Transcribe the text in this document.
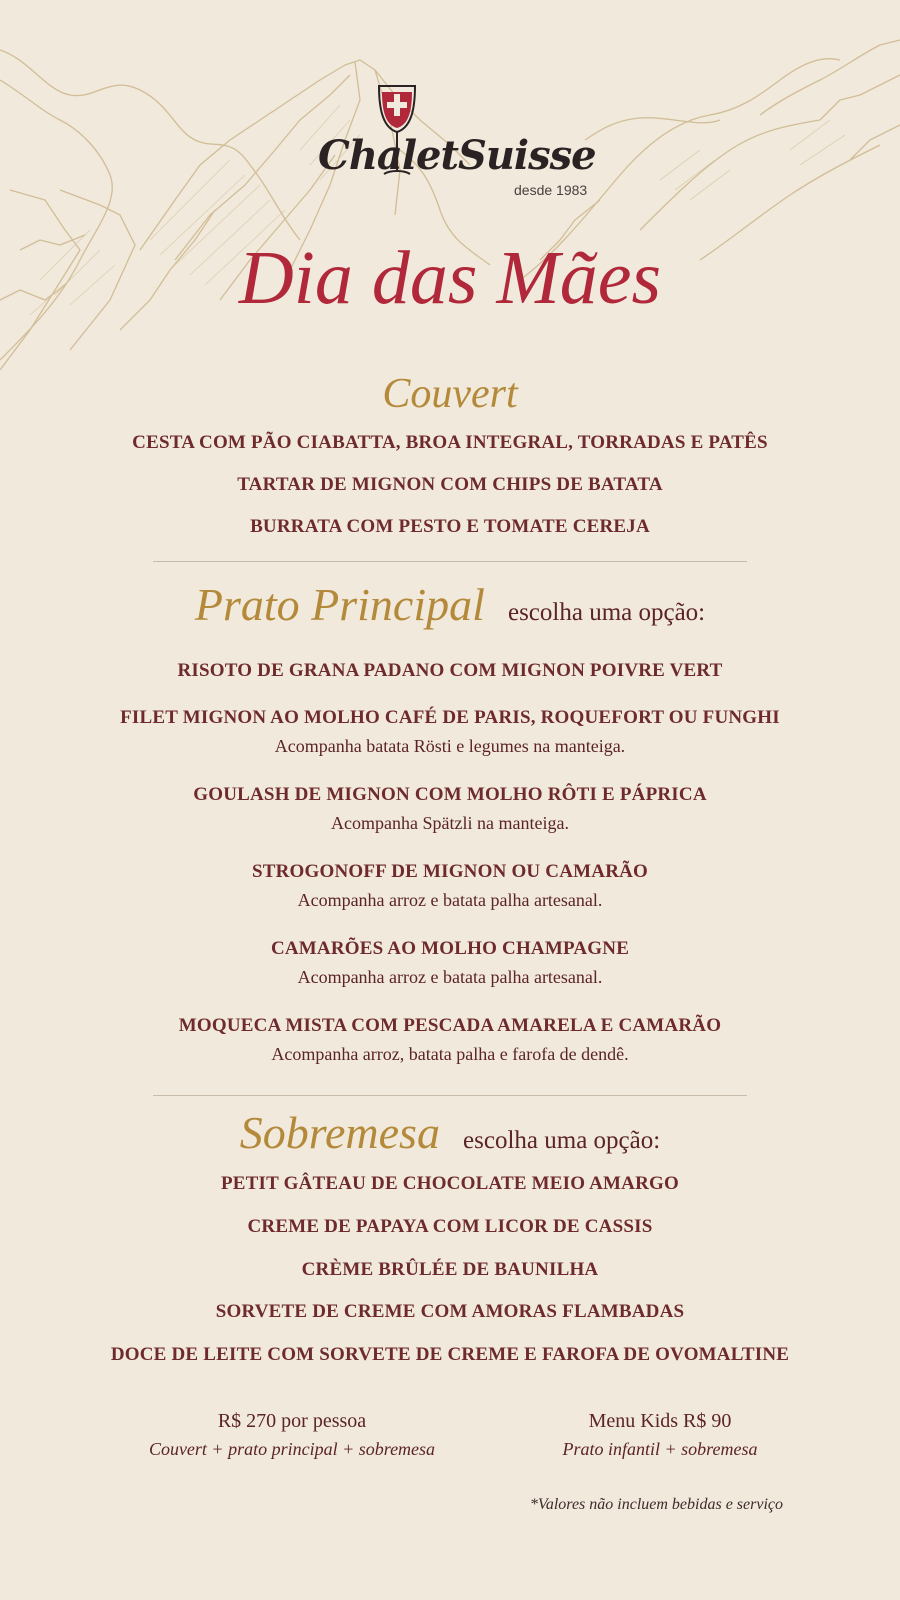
ChaletSuisse
desde 1983
Dia das Mães
Couvert
CESTA COM PÃO CIABATTA, BROA INTEGRAL, TORRADAS E PATÊS
TARTAR DE MIGNON COM CHIPS DE BATATA
BURRATA COM PESTO E TOMATE CEREJA
Prato Principal escolha uma opção:
RISOTO DE GRANA PADANO COM MIGNON POIVRE VERT
FILET MIGNON AO MOLHO CAFÉ DE PARIS, ROQUEFORT OU FUNGHI
Acompanha batata Rösti e legumes na manteiga.
GOULASH DE MIGNON COM MOLHO RÔTI E PÁPRICA
Acompanha Spätzli na manteiga.
STROGONOFF DE MIGNON OU CAMARÃO
Acompanha arroz e batata palha artesanal.
CAMARÕES AO MOLHO CHAMPAGNE
Acompanha arroz e batata palha artesanal.
MOQUECA MISTA COM PESCADA AMARELA E CAMARÃO
Acompanha arroz, batata palha e farofa de dendê.
Sobremesa escolha uma opção:
PETIT GÂTEAU DE CHOCOLATE MEIO AMARGO
CREME DE PAPAYA COM LICOR DE CASSIS
CRÈME BRÛLÉE DE BAUNILHA
SORVETE DE CREME COM AMORAS FLAMBADAS
DOCE DE LEITE COM SORVETE DE CREME E FAROFA DE OVOMALTINE
R$ 270 por pessoa
Couvert + prato principal + sobremesa
Menu Kids R$ 90
Prato infantil + sobremesa
*Valores não incluem bebidas e serviço
